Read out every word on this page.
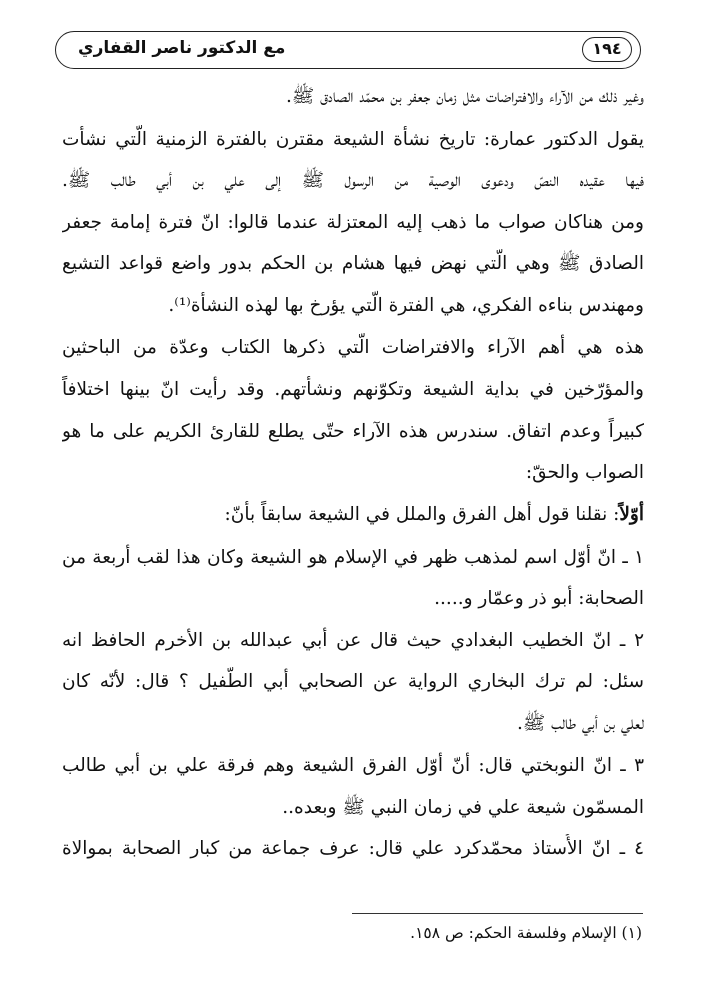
١٩٤
مع الدكتور ناصر القفاري
وغير ذلك من الآراء والافتراضات مثل زمان جعفر بن محمّد الصادق ﷺ.
يقول الدكتور عمارة: تاريخ نشأة الشيعة مقترن بالفترة الزمنية الّتي نشأت
فيها عقيده النصّ ودعوى الوصية من الرسول ﷺ إلى علي بن أبي طالب ﷺ.
ومن هناكان صواب ما ذهب إليه المعتزلة عندما قالوا: انّ فترة إمامة جعفر
الصادق ﷺ وهي الّتي نهض فيها هشام بن الحكم بدور واضع قواعد التشيع
ومهندس بناءه الفكري، هي الفترة الّتي يؤرخ بها لهذه النشأة⁽¹⁾.
هذه هي أهم الآراء والافتراضات الّتي ذكرها الكتاب وعدّة من الباحثين
والمؤرّخين في بداية الشيعة وتكوّنهم ونشأتهم. وقد رأيت انّ بينها اختلافاً
كبيراً وعدم اتفاق. سندرس هذه الآراء حتّى يطلع للقارئ الكريم على ما هو
الصواب والحقّ:
أوّلاً: نقلنا قول أهل الفرق والملل في الشيعة سابقاً بأنّ:
١ ـ انّ أوّل اسم لمذهب ظهر في الإسلام هو الشيعة وكان هذا لقب أربعة من
الصحابة: أبو ذر وعمّار و.....
٢ ـ انّ الخطيب البغدادي حيث قال عن أبي عبدالله بن الأخرم الحافظ انه
سئل: لم ترك البخاري الرواية عن الصحابي أبي الطّفيل ؟ قال: لأنّه كان
لعلي بن أبي طالب ﷺ.
٣ ـ انّ النوبختي قال: أنّ أوّل الفرق الشيعة وهم فرقة علي بن أبي طالب
المسمّون شيعة علي في زمان النبي ﷺ وبعده..
٤ ـ انّ الأُستاذ محمّدكرد علي قال: عرف جماعة من كبار الصحابة بموالاة
(١) الإسلام وفلسفة الحكم: ص ١٥٨.
